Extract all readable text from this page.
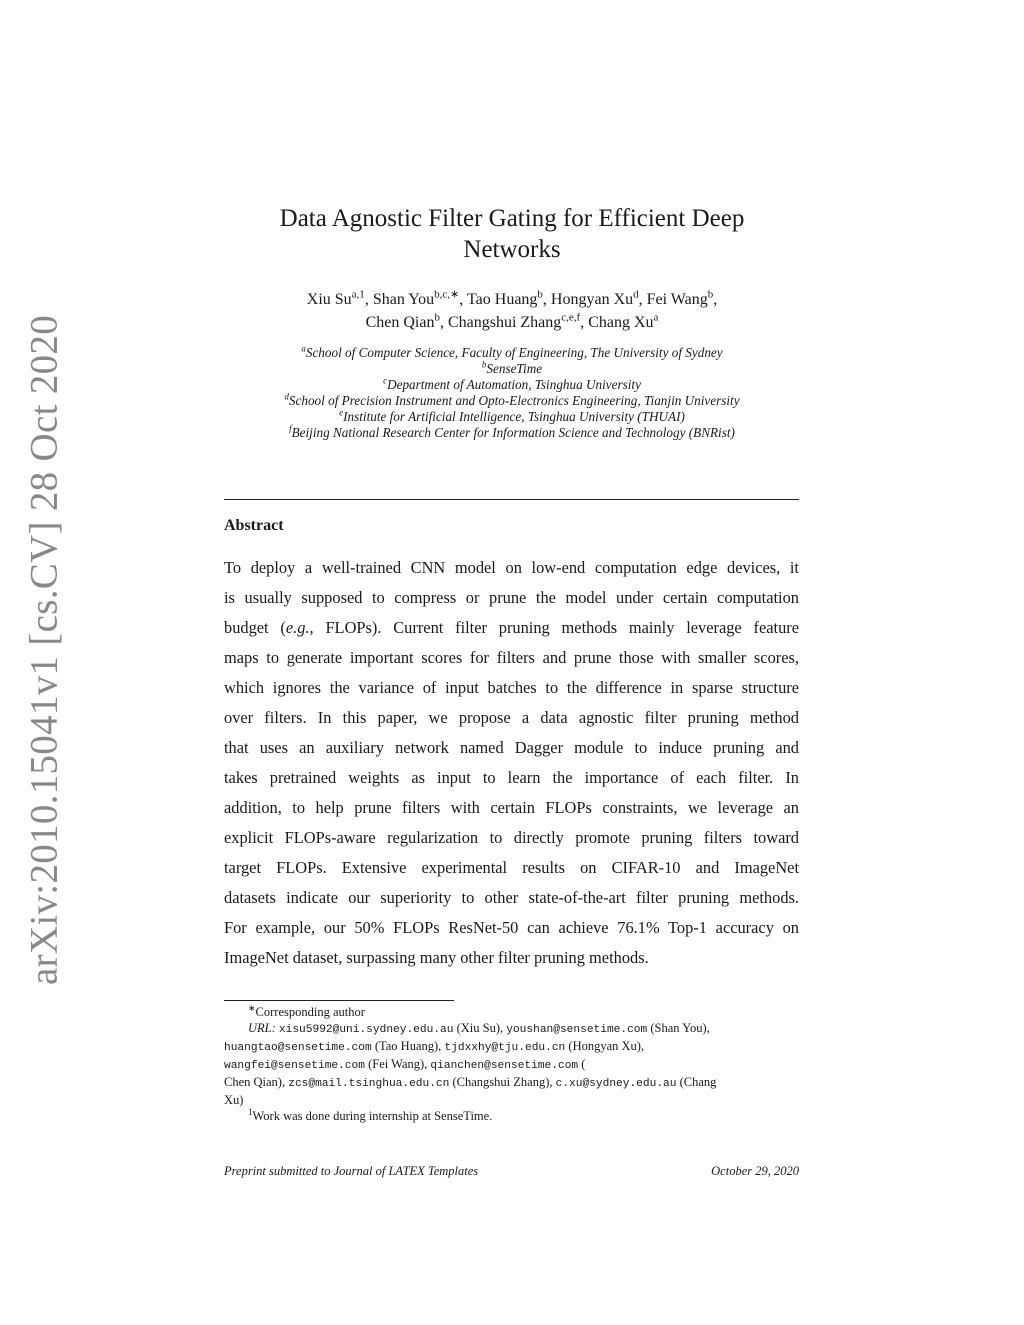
arXiv:2010.15041v1 [cs.CV] 28 Oct 2020
Data Agnostic Filter Gating for Efficient Deep
Networks
Xiu Su$^{a,1}$, Shan You$^{b,c,∗}$, Tao Huang$^b$, Hongyan Xu$^d$, Fei Wang$^b$,
Chen Qian$^b$, Changshui Zhang$^{c,e,f}$, Chang Xu$^a$
$^a$School of Computer Science, Faculty of Engineering, The University of Sydney
$^b$SenseTime
$^c$Department of Automation, Tsinghua University
$^d$School of Precision Instrument and Opto-Electronics Engineering, Tianjin University
$^e$Institute for Artificial Intelligence, Tsinghua University (THUAI)
$^f$Beijing National Research Center for Information Science and Technology (BNRist)
Abstract
To deploy a well-trained CNN model on low-end computation edge devices, it
is usually supposed to compress or prune the model under certain computation
budget (e.g., FLOPs). Current filter pruning methods mainly leverage feature
maps to generate important scores for filters and prune those with smaller scores,
which ignores the variance of input batches to the difference in sparse structure
over filters. In this paper, we propose a data agnostic filter pruning method
that uses an auxiliary network named Dagger module to induce pruning and
takes pretrained weights as input to learn the importance of each filter. In
addition, to help prune filters with certain FLOPs constraints, we leverage an
explicit FLOPs-aware regularization to directly promote pruning filters toward
target FLOPs. Extensive experimental results on CIFAR-10 and ImageNet
datasets indicate our superiority to other state-of-the-art filter pruning methods.
For example, our 50% FLOPs ResNet-50 can achieve 76.1% Top-1 accuracy on
ImageNet dataset, surpassing many other filter pruning methods.
∗Corresponding author
URL: xisu5992@uni.sydney.edu.au (Xiu Su), youshan@sensetime.com (Shan You),
huangtao@sensetime.com (Tao Huang), tjdxxhy@tju.edu.cn (Hongyan Xu),
wangfei@sensetime.com (Fei Wang), qianchen@sensetime.com (
Chen Qian), zcs@mail.tsinghua.edu.cn (Changshui Zhang), c.xu@sydney.edu.au (Chang
Xu)
$^1$Work was done during internship at SenseTime.
Preprint submitted to Journal of LATEX Templates	October 29, 2020
